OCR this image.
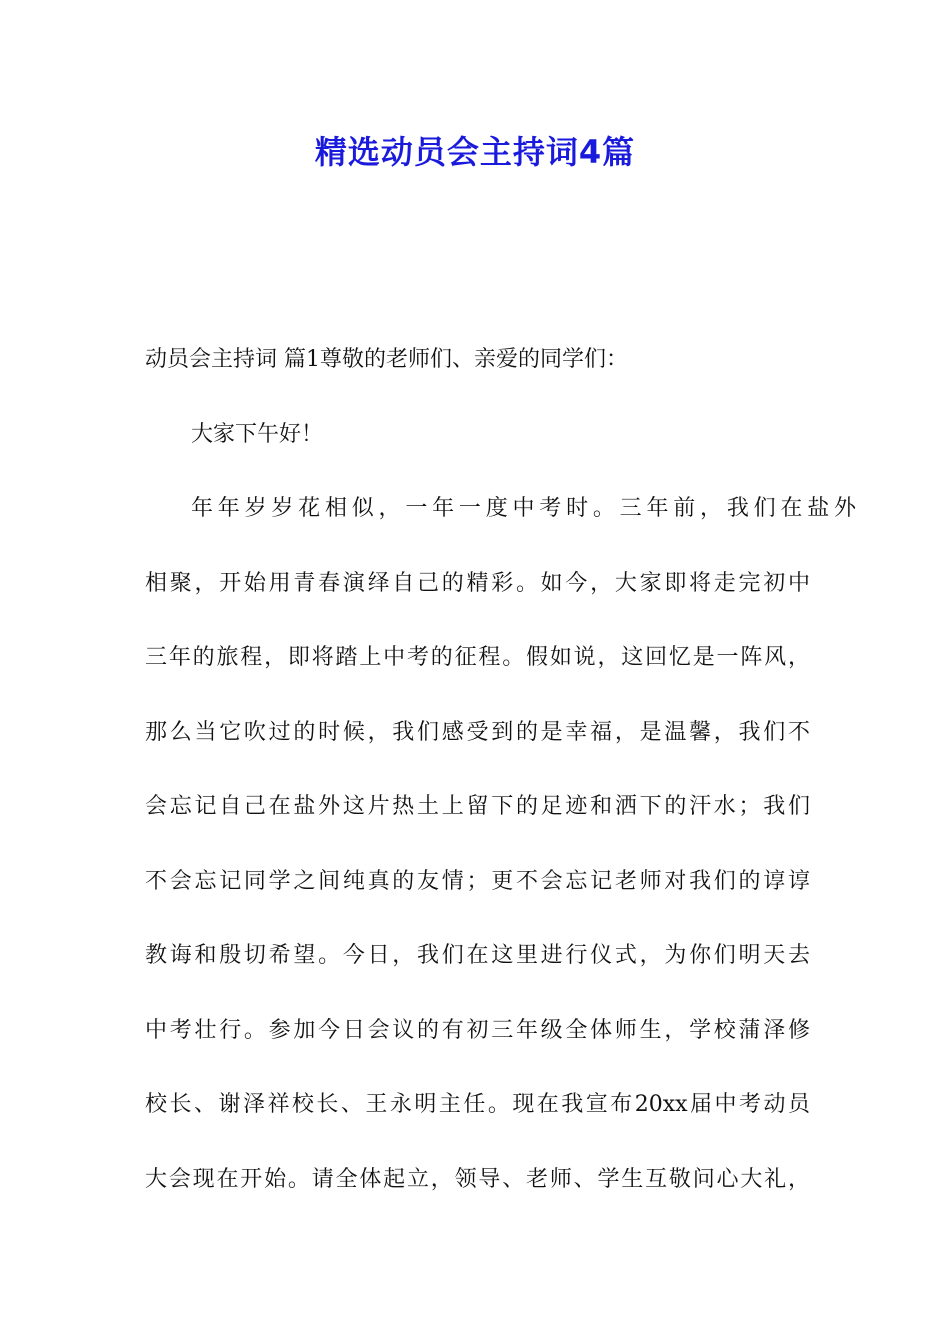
精选动员会主持词4篇

动员会主持词 篇1尊敬的老师们、亲爱的同学们：

大家下午好！

年年岁岁花相似，一年一度中考时。三年前，我们在盐外

相聚，开始用青春演绎自己的精彩。如今，大家即将走完初中

三年的旅程，即将踏上中考的征程。假如说，这回忆是一阵风，

那么当它吹过的时候，我们感受到的是幸福，是温馨，我们不

会忘记自己在盐外这片热土上留下的足迹和洒下的汗水；我们

不会忘记同学之间纯真的友情；更不会忘记老师对我们的谆谆

教诲和殷切希望。今日，我们在这里进行仪式，为你们明天去

中考壮行。参加今日会议的有初三年级全体师生，学校蒲泽修

校长、谢泽祥校长、王永明主任。现在我宣布20xx届中考动员

大会现在开始。请全体起立，领导、老师、学生互敬问心大礼，
